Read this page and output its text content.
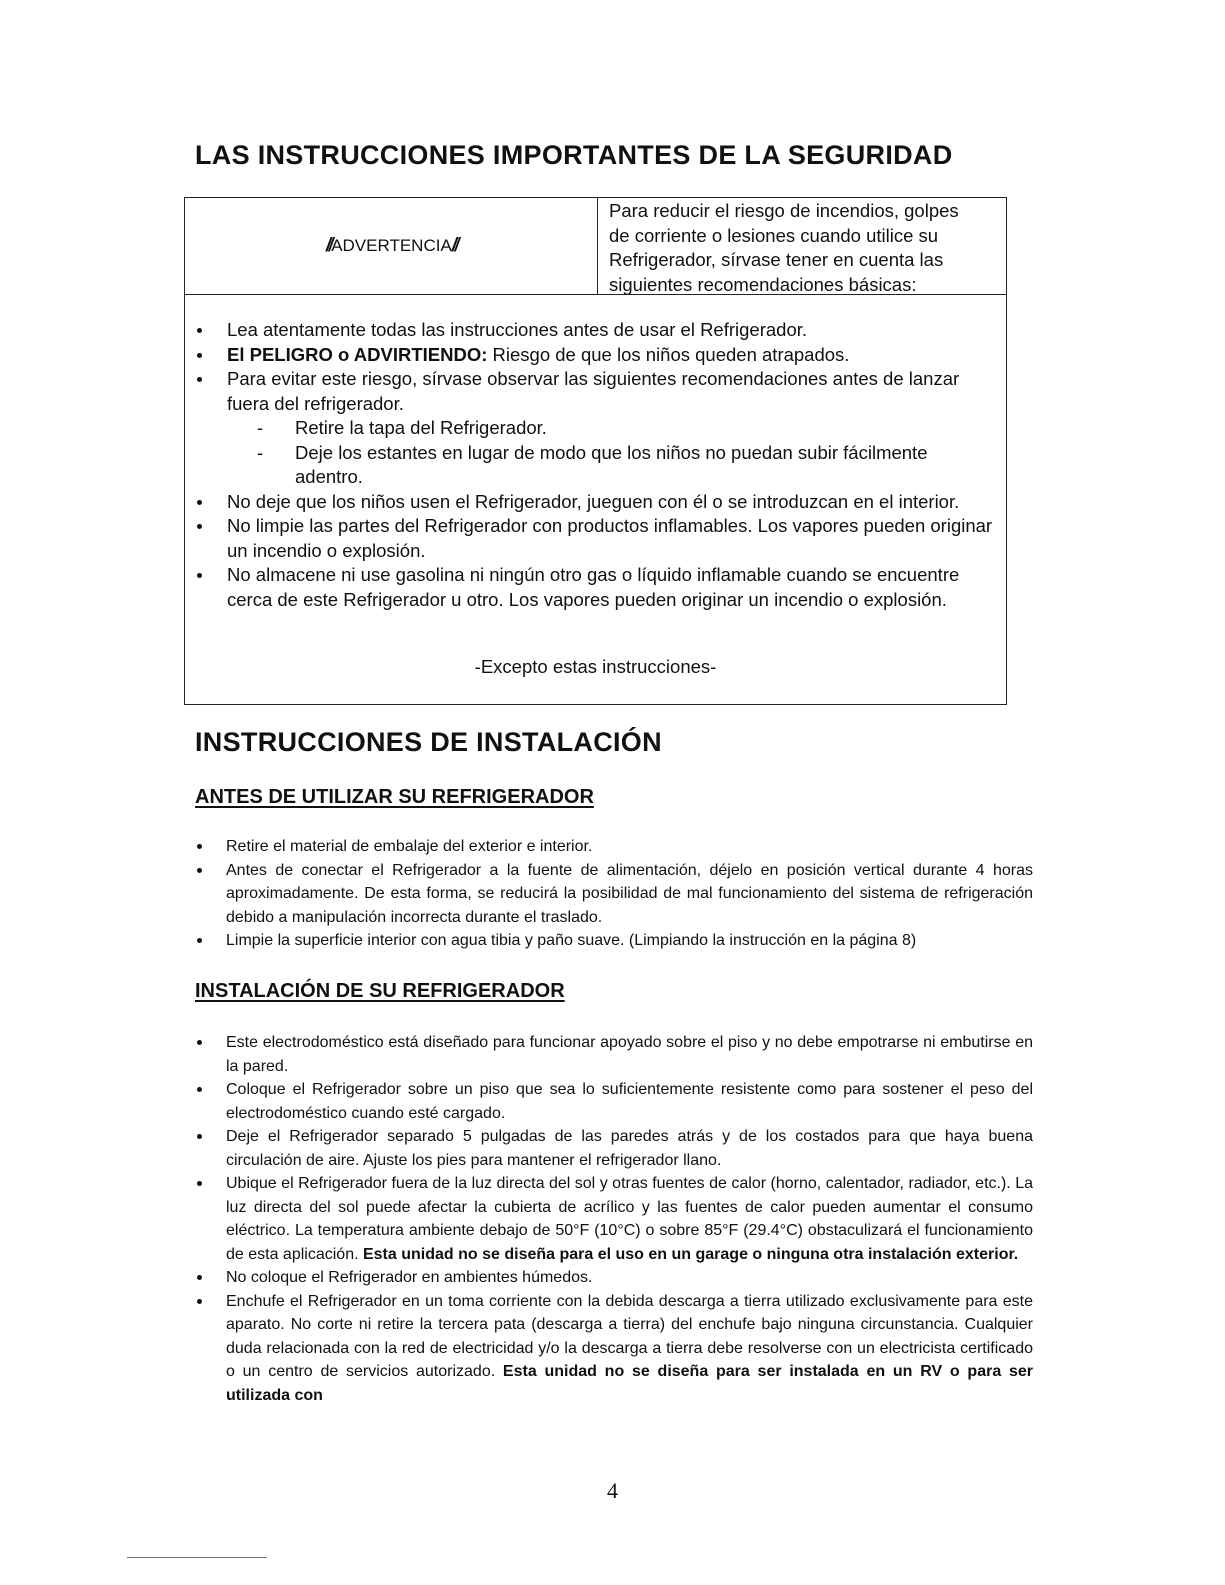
LAS INSTRUCCIONES IMPORTANTES DE LA SEGURIDAD
/̸ ADVERTENCIA /̸
Para reducir el riesgo de incendios, golpes
de corriente o lesiones cuando utilice su
Refrigerador, sírvase tener en cuenta las
siguientes recomendaciones básicas:
-Excepto estas instrucciones-
Lea atentamente todas las instrucciones antes de usar el Refrigerador.
El PELIGRO o ADVIRTIENDO: Riesgo de que los niños queden atrapados.
Para evitar este riesgo, sírvase observar las siguientes recomendaciones antes de lanzar fuera del refrigerador.
- Retire la tapa del Refrigerador.
- Deje los estantes en lugar de modo que los niños no puedan subir fácilmente adentro.
No deje que los niños usen el Refrigerador, jueguen con él o se introduzcan en el interior.
No limpie las partes del Refrigerador con productos inflamables. Los vapores pueden originar un incendio o explosión.
No almacene ni use gasolina ni ningún otro gas o líquido inflamable cuando se encuentre cerca de este Refrigerador u otro. Los vapores pueden originar un incendio o explosión.
INSTRUCCIONES DE INSTALACIÓN
ANTES DE UTILIZAR SU REFRIGERADOR
Retire el material de embalaje del exterior e interior.
Antes de conectar el Refrigerador a la fuente de alimentación, déjelo en posición vertical durante 4 horas aproximadamente. De esta forma, se reducirá la posibilidad de mal funcionamiento del sistema de refrigeración debido a manipulación incorrecta durante el traslado.
Limpie la superficie interior con agua tibia y paño suave. (Limpiando la instrucción en la página 8)
INSTALACIÓN DE SU REFRIGERADOR
Este electrodoméstico está diseñado para funcionar apoyado sobre el piso y no debe empotrarse ni embutirse en la pared.
Coloque el Refrigerador sobre un piso que sea lo suficientemente resistente como para sostener el peso del electrodoméstico cuando esté cargado.
Deje el Refrigerador separado 5 pulgadas de las paredes atrás y de los costados para que haya buena circulación de aire. Ajuste los pies para mantener el refrigerador llano.
Ubique el Refrigerador fuera de la luz directa del sol y otras fuentes de calor (horno, calentador, radiador, etc.). La luz directa del sol puede afectar la cubierta de acrílico y las fuentes de calor pueden aumentar el consumo eléctrico. La temperatura ambiente debajo de 50°F (10°C) o sobre 85°F (29.4°C) obstaculizará el funcionamiento de esta aplicación. Esta unidad no se diseña para el uso en un garage o ninguna otra instalación exterior.
No coloque el Refrigerador en ambientes húmedos.
Enchufe el Refrigerador en un toma corriente con la debida descarga a tierra utilizado exclusivamente para este aparato. No corte ni retire la tercera pata (descarga a tierra) del enchufe bajo ninguna circunstancia. Cualquier duda relacionada con la red de electricidad y/o la descarga a tierra debe resolverse con un electricista certificado o un centro de servicios autorizado. Esta unidad no se diseña para ser instalada en un RV o para ser utilizada con
4
